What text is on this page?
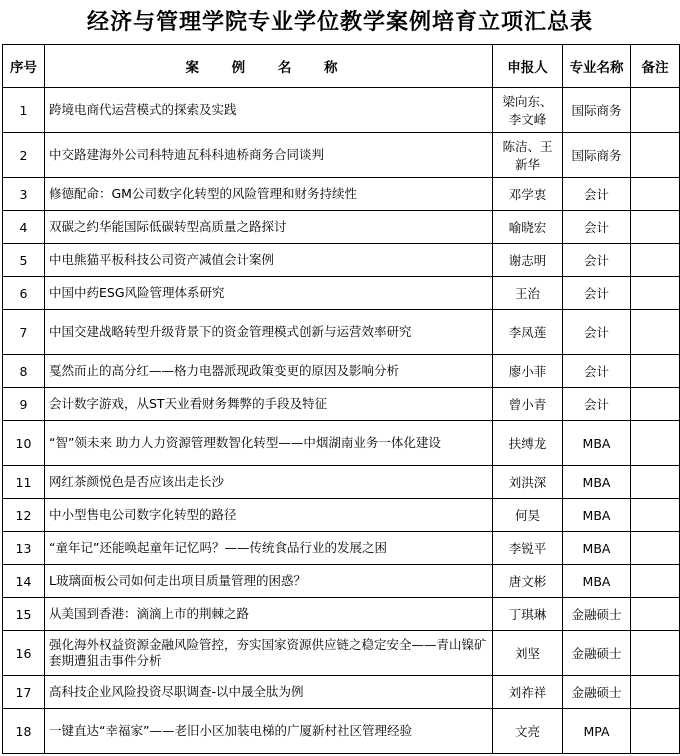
经济与管理学院专业学位教学案例培育立项汇总表
序号	案 例 名 称	申报人	专业名称	备注
1	跨境电商代运营模式的探索及实践	梁向东、李文峰	国际商务	
2	中交路建海外公司科特迪瓦科科迪桥商务合同谈判	陈洁、王新华	国际商务	
3	修德配命：GM公司数字化转型的风险管理和财务持续性	邓学衷	会计	
4	双碳之约华能国际低碳转型高质量之路探讨	喻晓宏	会计	
5	中电熊猫平板科技公司资产减值会计案例	谢志明	会计	
6	中国中药ESG风险管理体系研究	王治	会计	
7	中国交建战略转型升级背景下的资金管理模式创新与运营效率研究	李凤莲	会计	
8	戛然而止的高分红——格力电器派现政策变更的原因及影响分析	廖小菲	会计	
9	会计数字游戏，从ST天业看财务舞弊的手段及特征	曾小青	会计	
10	“智”领未来 助力人力资源管理数智化转型——中烟湖南业务一体化建设	扶缚龙	MBA	
11	网红茶颜悦色是否应该出走长沙	刘洪深	MBA	
12	中小型售电公司数字化转型的路径	何昊	MBA	
13	“童年记”还能唤起童年记忆吗？——传统食品行业的发展之困	李锐平	MBA	
14	L玻璃面板公司如何走出项目质量管理的困惑？	唐文彬	MBA	
15	从美国到香港：滴滴上市的荆棘之路	丁琪琳	金融硕士	
16	强化海外权益资源金融风险管控，夯实国家资源供应链之稳定安全——青山镍矿套期遭狙击事件分析	刘坚	金融硕士	
17	高科技企业风险投资尽职调查-以中晟全肽为例	刘祚祥	金融硕士	
18	一键直达“幸福家”——老旧小区加装电梯的广厦新村社区管理经验	文亮	MPA	
